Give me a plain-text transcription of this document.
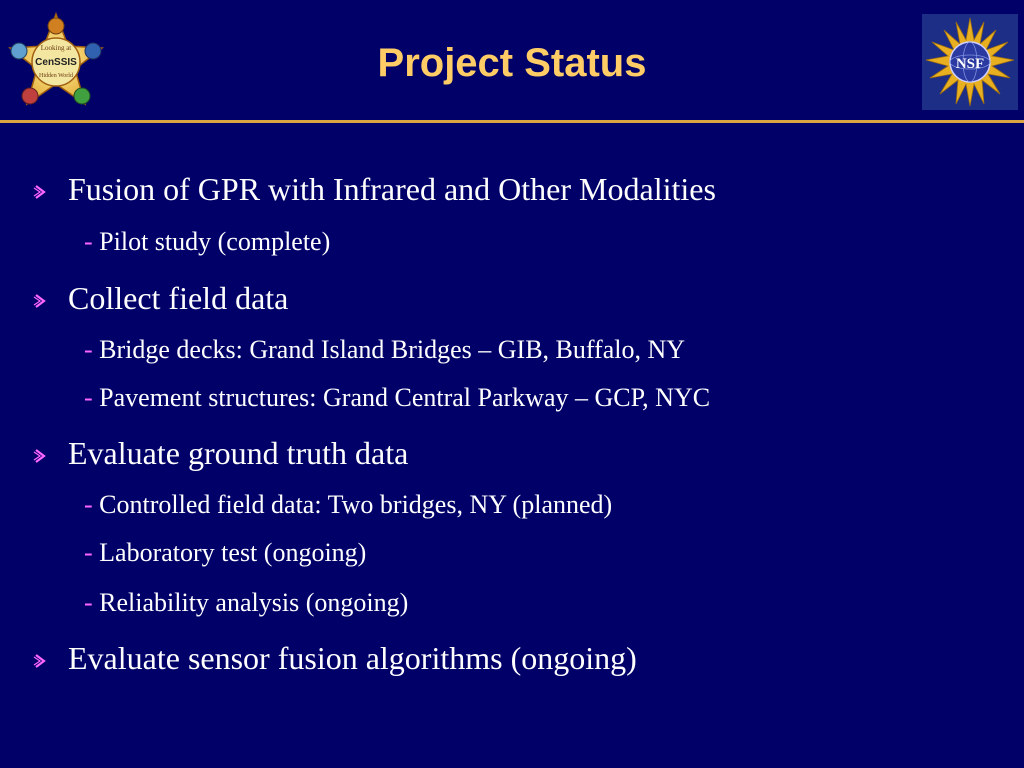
Looking at
CenSSIS
Hidden World	Project Status	NSF
Fusion of GPR with Infrared and Other Modalities
- Pilot study (complete)
Collect field data
- Bridge decks: Grand Island Bridges – GIB, Buffalo, NY
- Pavement structures: Grand Central Parkway – GCP, NYC
Evaluate ground truth data
- Controlled field data: Two bridges, NY (planned)
- Laboratory test (ongoing)
- Reliability analysis (ongoing)
Evaluate sensor fusion algorithms (ongoing)
